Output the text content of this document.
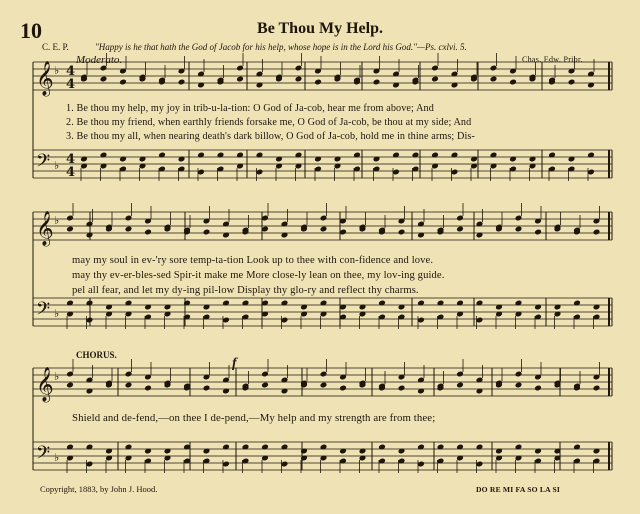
10	Be Thou My Help.
C. E. P.	"Happy is he that hath the God of Jacob for his help, whose hope is in the Lord his God."—Ps. cxlvi. 5.
Chas. Edw. Prior.
Moderato.
𝄞 ♭
𝄢 ♭
4
4
4
4
𝄞 ♭
𝄢 ♭
𝄞 ♭
𝄢 ♭
1. Be thou my help, my joy in trib-u-la-tion: O God of Ja-cob, hear me from above; And
2. Be thou my friend, when earthly friends forsake me, O God of Ja-cob, be thou at my side; And
3. Be thou my all, when nearing death's dark billow, O God of Ja-cob, hold me in thine arms; Dis-
may my soul in ev-'ry sore temp-ta-tion Look up to thee with con-fidence and love.
may thy ev-er-bles-sed Spir-it make me More close-ly lean on thee, my lov-ing guide.
pel all fear, and let my dy-ing pil-low Display thy glo-ry and reflect thy charms.
CHORUS.
f
Shield and de-fend,—on thee I de-pend,—My help and my strength are from thee;
Copyright, 1883, by John J. Hood.	DO RE MI FA SO LA SI
